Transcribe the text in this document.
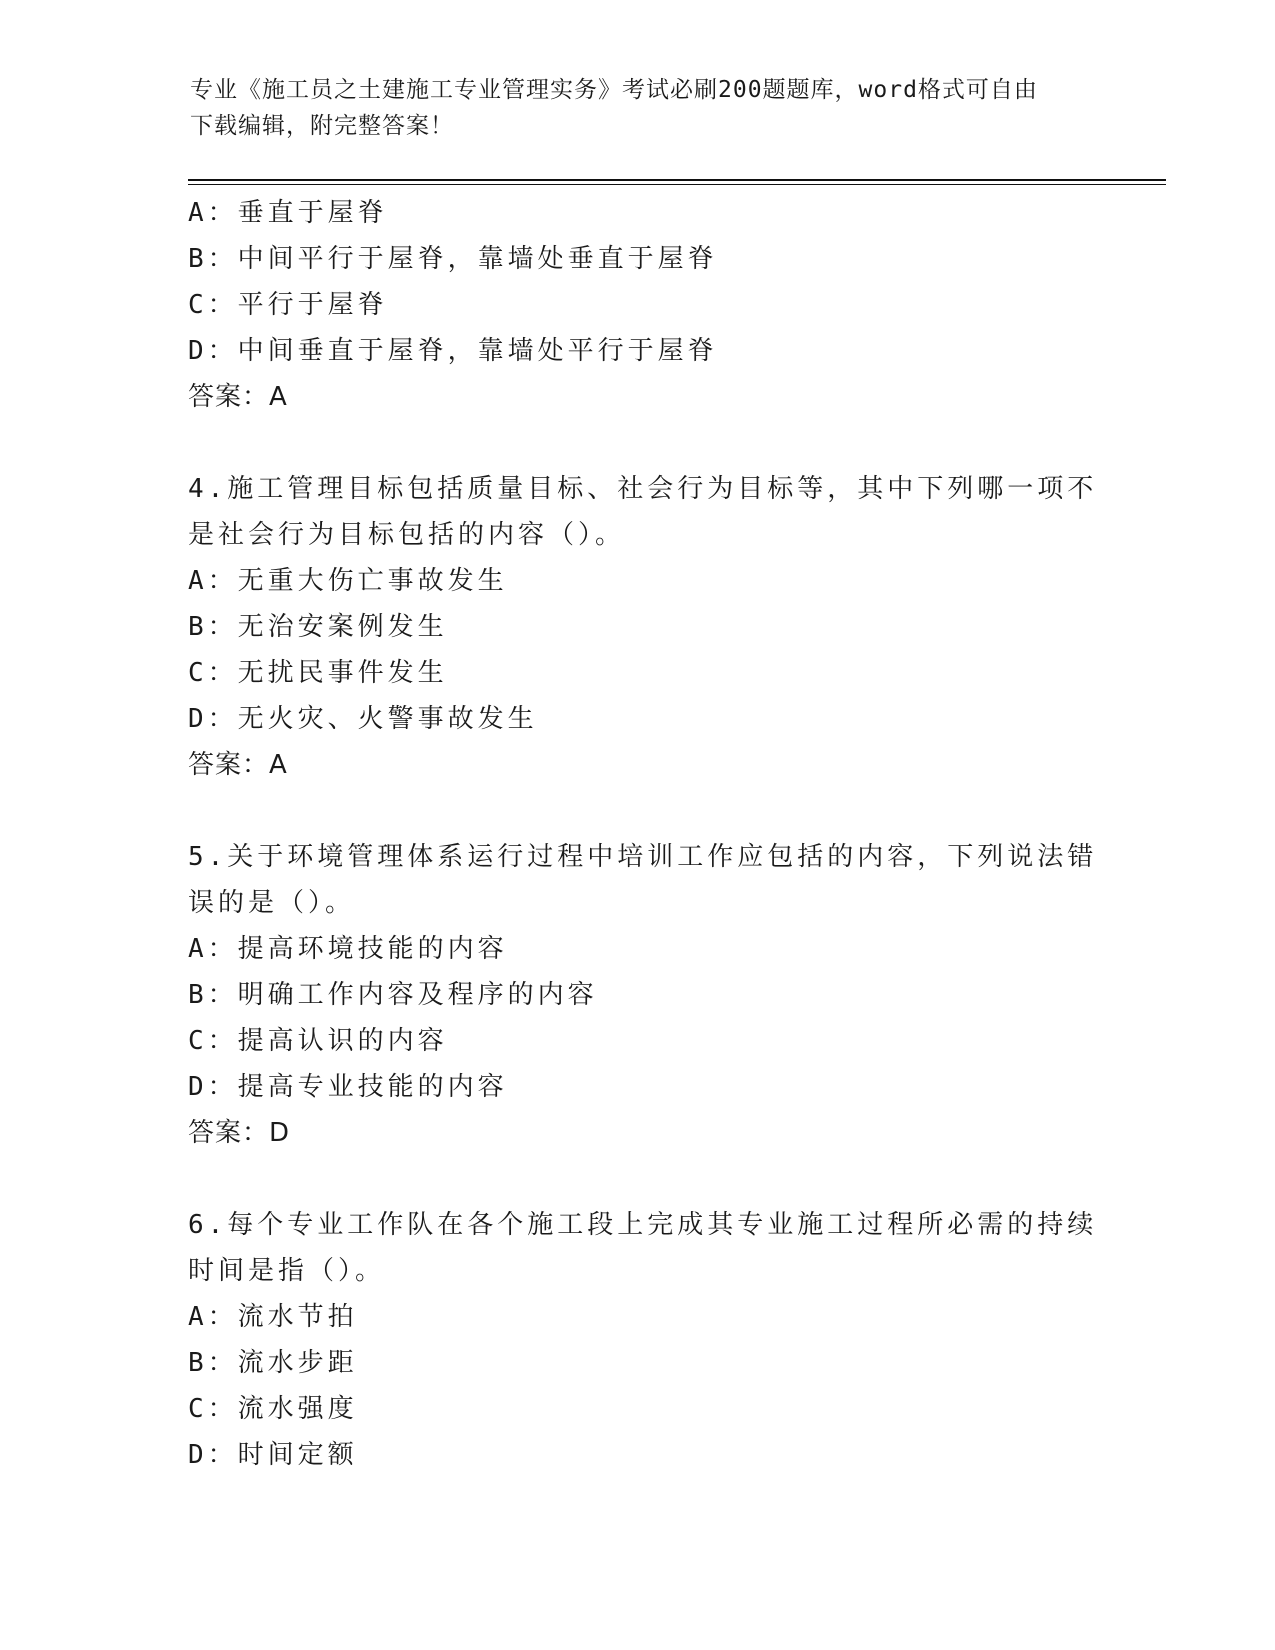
专业《施工员之土建施工专业管理实务》考试必刷200题题库，word格式可自由
下载编辑，附完整答案！
A：垂直于屋脊
B：中间平行于屋脊，靠墙处垂直于屋脊
C：平行于屋脊
D：中间垂直于屋脊，靠墙处平行于屋脊
答案：A
4.施工管理目标包括质量目标、社会行为目标等，其中下列哪一项不
是社会行为目标包括的内容（）。
A：无重大伤亡事故发生
B：无治安案例发生
C：无扰民事件发生
D：无火灾、火警事故发生
答案：A
5.关于环境管理体系运行过程中培训工作应包括的内容，下列说法错
误的是（）。
A：提高环境技能的内容
B：明确工作内容及程序的内容
C：提高认识的内容
D：提高专业技能的内容
答案：D
6.每个专业工作队在各个施工段上完成其专业施工过程所必需的持续
时间是指（）。
A：流水节拍
B：流水步距
C：流水强度
D：时间定额
